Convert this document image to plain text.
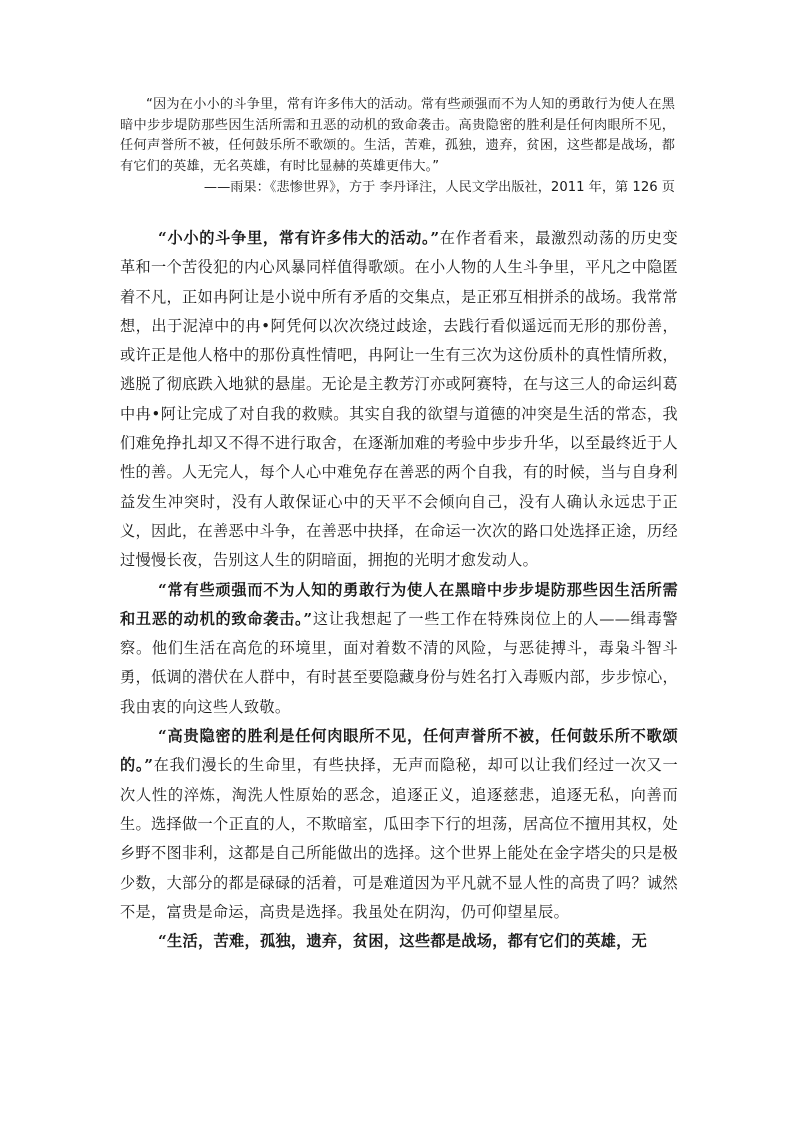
“因为在小小的斗争里，常有许多伟大的活动。常有些顽强而不为人知的勇敢行为使人在黑暗中步步堤防那些因生活所需和丑恶的动机的致命袭击。高贵隐密的胜利是任何肉眼所不见，任何声誉所不被，任何鼓乐所不歌颂的。生活，苦难，孤独，遗弃，贫困，这些都是战场，都有它们的英雄，无名英雄，有时比显赫的英雄更伟大。”
——雨果：《悲惨世界》，方于 李丹译注，人民文学出版社，2011 年，第 126 页

“小小的斗争里，常有许多伟大的活动。”在作者看来，最激烈动荡的历史变革和一个苦役犯的内心风暴同样值得歌颂。在小人物的人生斗争里，平凡之中隐匿着不凡，正如冉阿让是小说中所有矛盾的交集点，是正邪互相拼杀的战场。我常常想，出于泥淖中的冉•阿凭何以次次绕过歧途，去践行看似遥远而无形的那份善，或许正是他人格中的那份真性情吧，冉阿让一生有三次为这份质朴的真性情所救，逃脱了彻底跌入地狱的悬崖。无论是主教芳汀亦或阿赛特，在与这三人的命运纠葛中冉•阿让完成了对自我的救赎。其实自我的欲望与道德的冲突是生活的常态，我们难免挣扎却又不得不进行取舍，在逐渐加难的考验中步步升华，以至最终近于人性的善。人无完人，每个人心中难免存在善恶的两个自我，有的时候，当与自身利益发生冲突时，没有人敢保证心中的天平不会倾向自己，没有人确认永远忠于正义，因此，在善恶中斗争，在善恶中抉择，在命运一次次的路口处选择正途，历经过慢慢长夜，告别这人生的阴暗面，拥抱的光明才愈发动人。

“常有些顽强而不为人知的勇敢行为使人在黑暗中步步堤防那些因生活所需和丑恶的动机的致命袭击。”这让我想起了一些工作在特殊岗位上的人——缉毒警察。他们生活在高危的环境里，面对着数不清的风险，与恶徒搏斗，毒枭斗智斗勇，低调的潜伏在人群中，有时甚至要隐藏身份与姓名打入毒贩内部，步步惊心，我由衷的向这些人致敬。

“高贵隐密的胜利是任何肉眼所不见，任何声誉所不被，任何鼓乐所不歌颂的。”在我们漫长的生命里，有些抉择，无声而隐秘，却可以让我们经过一次又一次人性的淬炼，淘洗人性原始的恶念，追逐正义，追逐慈悲，追逐无私，向善而生。选择做一个正直的人，不欺暗室，瓜田李下行的坦荡，居高位不擅用其权，处乡野不图非利，这都是自己所能做出的选择。这个世界上能处在金字塔尖的只是极少数，大部分的都是碌碌的活着，可是难道因为平凡就不显人性的高贵了吗？诚然不是，富贵是命运，高贵是选择。我虽处在阴沟，仍可仰望星辰。

“生活，苦难，孤独，遗弃，贫困，这些都是战场，都有它们的英雄，无
